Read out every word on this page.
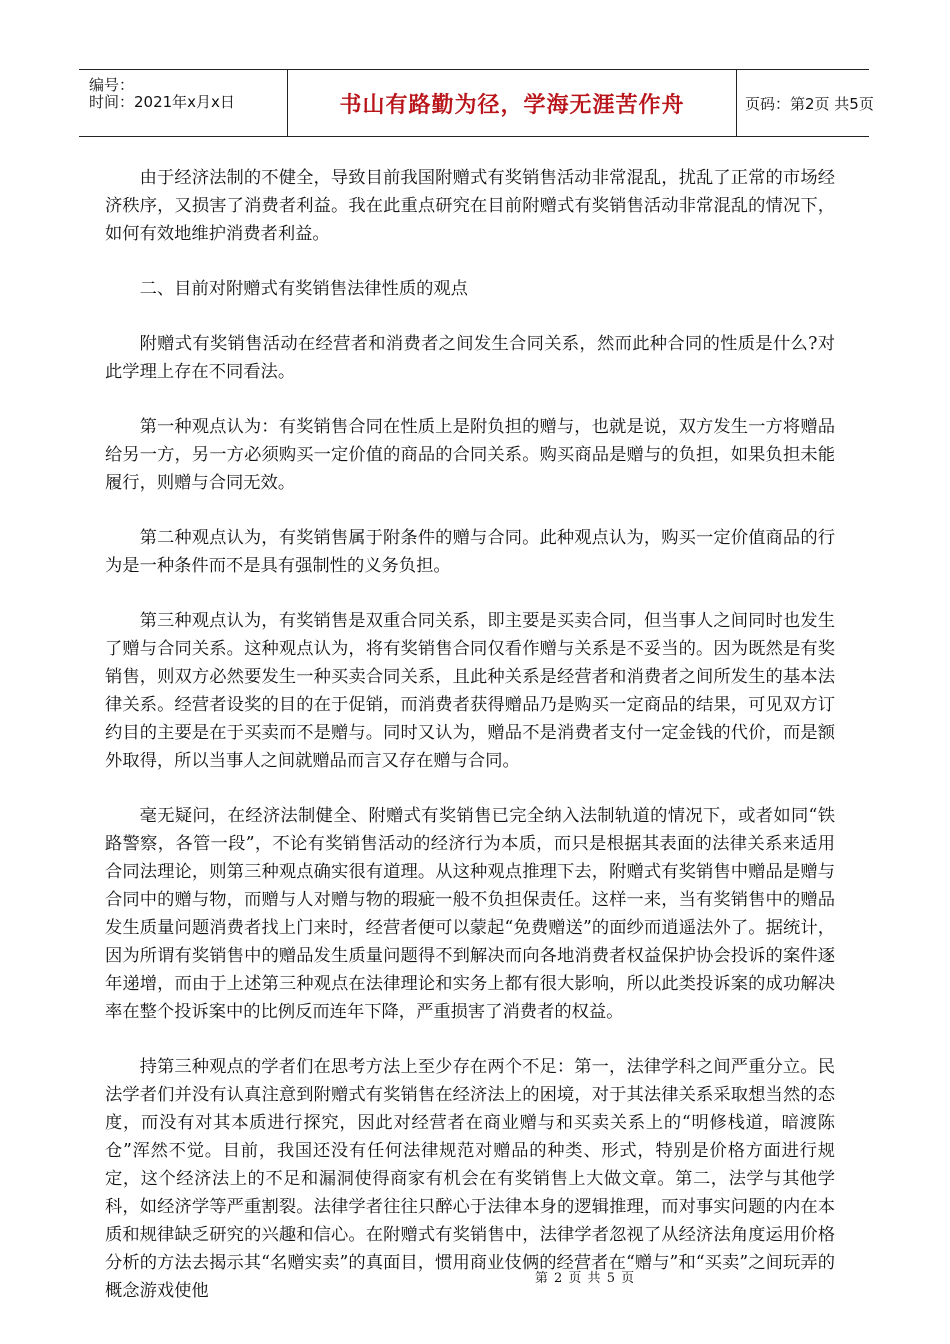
编号：
时间：2021年x月x日	书山有路勤为径，学海无涯苦作舟	页码：第2页 共5页

由于经济法制的不健全，导致目前我国附赠式有奖销售活动非常混乱，扰乱了正常的市场经济秩序，又损害了消费者利益。我在此重点研究在目前附赠式有奖销售活动非常混乱的情况下，如何有效地维护消费者利益。

二、目前对附赠式有奖销售法律性质的观点

附赠式有奖销售活动在经营者和消费者之间发生合同关系，然而此种合同的性质是什么?对此学理上存在不同看法。

第一种观点认为：有奖销售合同在性质上是附负担的赠与，也就是说，双方发生一方将赠品给另一方，另一方必须购买一定价值的商品的合同关系。购买商品是赠与的负担，如果负担未能履行，则赠与合同无效。

第二种观点认为，有奖销售属于附条件的赠与合同。此种观点认为，购买一定价值商品的行为是一种条件而不是具有强制性的义务负担。

第三种观点认为，有奖销售是双重合同关系，即主要是买卖合同，但当事人之间同时也发生了赠与合同关系。这种观点认为，将有奖销售合同仅看作赠与关系是不妥当的。因为既然是有奖销售，则双方必然要发生一种买卖合同关系，且此种关系是经营者和消费者之间所发生的基本法律关系。经营者设奖的目的在于促销，而消费者获得赠品乃是购买一定商品的结果，可见双方订约目的主要是在于买卖而不是赠与。同时又认为，赠品不是消费者支付一定金钱的代价，而是额外取得，所以当事人之间就赠品而言又存在赠与合同。

毫无疑问，在经济法制健全、附赠式有奖销售已完全纳入法制轨道的情况下，或者如同“铁路警察，各管一段”，不论有奖销售活动的经济行为本质，而只是根据其表面的法律关系来适用合同法理论，则第三种观点确实很有道理。从这种观点推理下去，附赠式有奖销售中赠品是赠与合同中的赠与物，而赠与人对赠与物的瑕疵一般不负担保责任。这样一来，当有奖销售中的赠品发生质量问题消费者找上门来时，经营者便可以蒙起“免费赠送”的面纱而逍遥法外了。据统计，因为所谓有奖销售中的赠品发生质量问题得不到解决而向各地消费者权益保护协会投诉的案件逐年递增，而由于上述第三种观点在法律理论和实务上都有很大影响，所以此类投诉案的成功解决率在整个投诉案中的比例反而连年下降，严重损害了消费者的权益。

持第三种观点的学者们在思考方法上至少存在两个不足：第一，法律学科之间严重分立。民法学者们并没有认真注意到附赠式有奖销售在经济法上的困境，对于其法律关系采取想当然的态度，而没有对其本质进行探究，因此对经营者在商业赠与和买卖关系上的“明修栈道，暗渡陈仓”浑然不觉。目前，我国还没有任何法律规范对赠品的种类、形式，特别是价格方面进行规定，这个经济法上的不足和漏洞使得商家有机会在有奖销售上大做文章。第二，法学与其他学科，如经济学等严重割裂。法律学者往往只醉心于法律本身的逻辑推理，而对事实问题的内在本质和规律缺乏研究的兴趣和信心。在附赠式有奖销售中，法律学者忽视了从经济法角度运用价格分析的方法去揭示其“名赠实卖”的真面目，惯用商业伎俩的经营者在“赠与”和“买卖”之间玩弄的概念游戏使他

第 2 页 共 5 页
